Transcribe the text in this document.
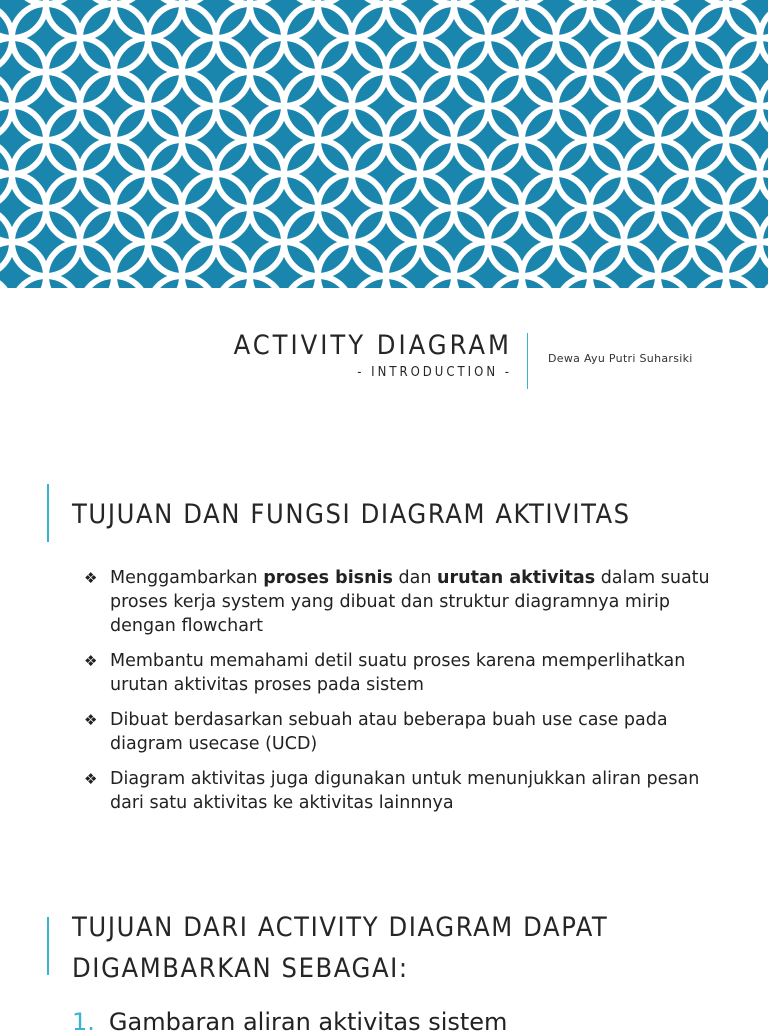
ACTIVITY DIAGRAM
- INTRODUCTION -
Dewa Ayu Putri Suharsiki
TUJUAN DAN FUNGSI DIAGRAM AKTIVITAS
❖ Menggambarkan proses bisnis dan urutan aktivitas dalam suatu proses kerja system yang dibuat dan struktur diagramnya mirip dengan flowchart
❖ Membantu memahami detil suatu proses karena memperlihatkan urutan aktivitas proses pada sistem
❖ Dibuat berdasarkan sebuah atau beberapa buah use case pada diagram usecase (UCD)
❖ Diagram aktivitas juga digunakan untuk menunjukkan aliran pesan dari satu aktivitas ke aktivitas lainnnya
TUJUAN DARI ACTIVITY DIAGRAM DAPAT
DIGAMBARKAN SEBAGAI:
1. Gambaran aliran aktivitas sistem
